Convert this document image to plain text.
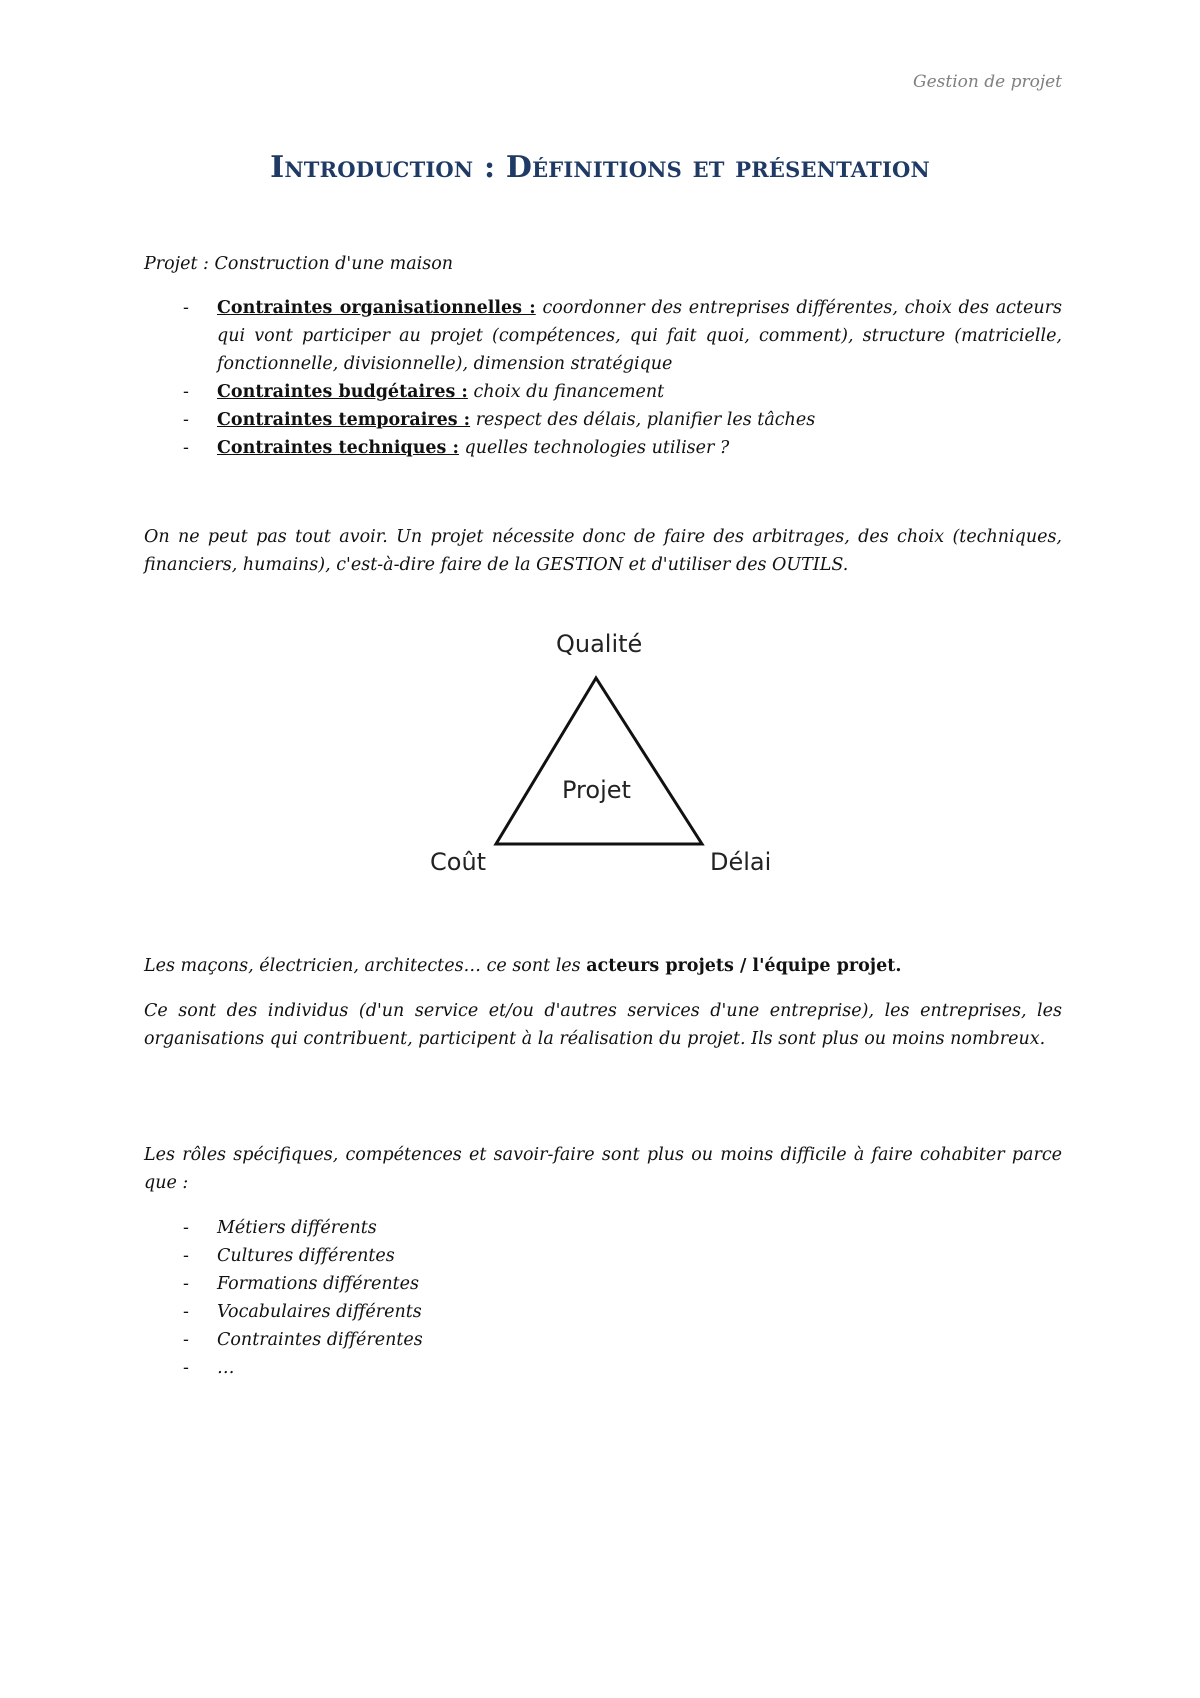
Gestion de projet
Introduction : Définitions et présentation

Projet : Construction d'une maison

- Contraintes organisationnelles : coordonner des entreprises différentes, choix des acteurs qui vont participer au projet (compétences, qui fait quoi, comment), structure (matricielle, fonctionnelle, divisionnelle), dimension stratégique
- Contraintes budgétaires : choix du financement
- Contraintes temporaires : respect des délais, planifier les tâches
- Contraintes techniques : quelles technologies utiliser ?

On ne peut pas tout avoir. Un projet nécessite donc de faire des arbitrages, des choix (techniques, financiers, humains), c'est-à-dire faire de la GESTION et d'utiliser des OUTILS.

Qualité
Projet
Coût	Délai

Les maçons, électricien, architectes… ce sont les acteurs projets / l'équipe projet.

Ce sont des individus (d'un service et/ou d'autres services d'une entreprise), les entreprises, les organisations qui contribuent, participent à la réalisation du projet. Ils sont plus ou moins nombreux.

Les rôles spécifiques, compétences et savoir-faire sont plus ou moins difficile à faire cohabiter parce que :

- Métiers différents
- Cultures différentes
- Formations différentes
- Vocabulaires différents
- Contraintes différentes
- …
